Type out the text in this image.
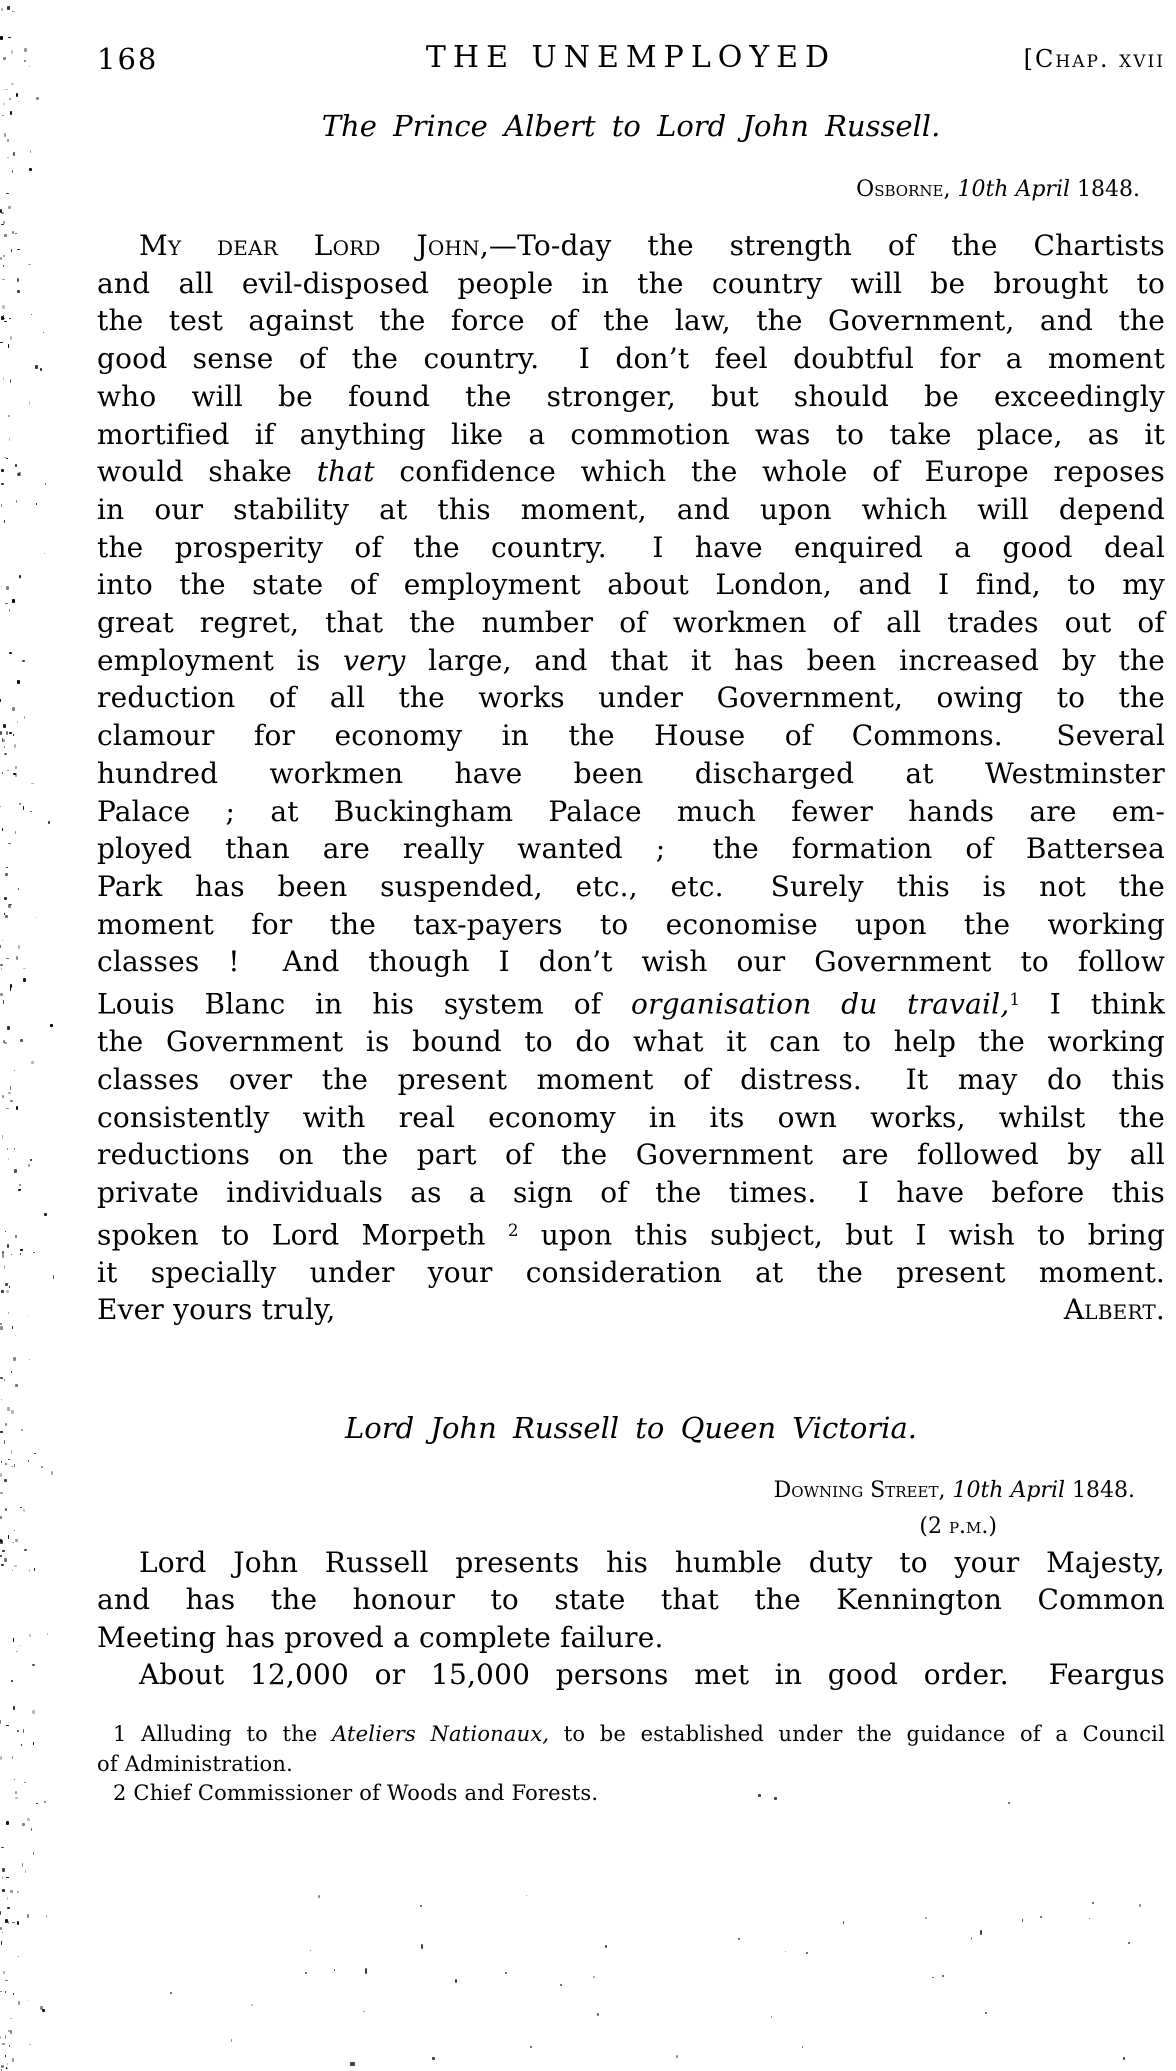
168	THE UNEMPLOYED	[Chap. xvii
The Prince Albert to Lord John Russell.
Osborne, 10th April 1848.
My dear Lord John,—To-day the strength of the Chartists
and all evil-disposed people in the country will be brought to
the test against the force of the law, the Government, and the
good sense of the country.  I don’t feel doubtful for a moment
who will be found the stronger, but should be exceedingly
mortified if anything like a commotion was to take place, as it
would shake that confidence which the whole of Europe reposes
in our stability at this moment, and upon which will depend
the prosperity of the country.  I have enquired a good deal
into the state of employment about London, and I find, to my
great regret, that the number of workmen of all trades out of
employment is very large, and that it has been increased by the
reduction of all the works under Government, owing to the
clamour for economy in the House of Commons.  Several
hundred workmen have been discharged at Westminster
Palace ; at Buckingham Palace much fewer hands are em-
ployed than are really wanted ;  the formation of Battersea
Park has been suspended, etc., etc.  Surely this is not the
moment for the tax-payers to economise upon the working
classes !  And though I don’t wish our Government to follow
Louis Blanc in his system of organisation du travail,$^1$ I think
the Government is bound to do what it can to help the working
classes over the present moment of distress.  It may do this
consistently with real economy in its own works, whilst the
reductions on the part of the Government are followed by all
private individuals as a sign of the times.  I have before this
spoken to Lord Morpeth $^2$ upon this subject, but I wish to bring
it specially under your consideration at the present moment.
Ever yours truly,	Albert.
Lord John Russell to Queen Victoria.
Downing Street, 10th April 1848.
(2 p.m.)
Lord John Russell presents his humble duty to your Majesty,
and has the honour to state that the Kennington Common
Meeting has proved a complete failure.
About 12,000 or 15,000 persons met in good order.  Feargus
1 Alluding to the Ateliers Nationaux, to be established under the guidance of a Council
of Administration.
2 Chief Commissioner of Woods and Forests.
